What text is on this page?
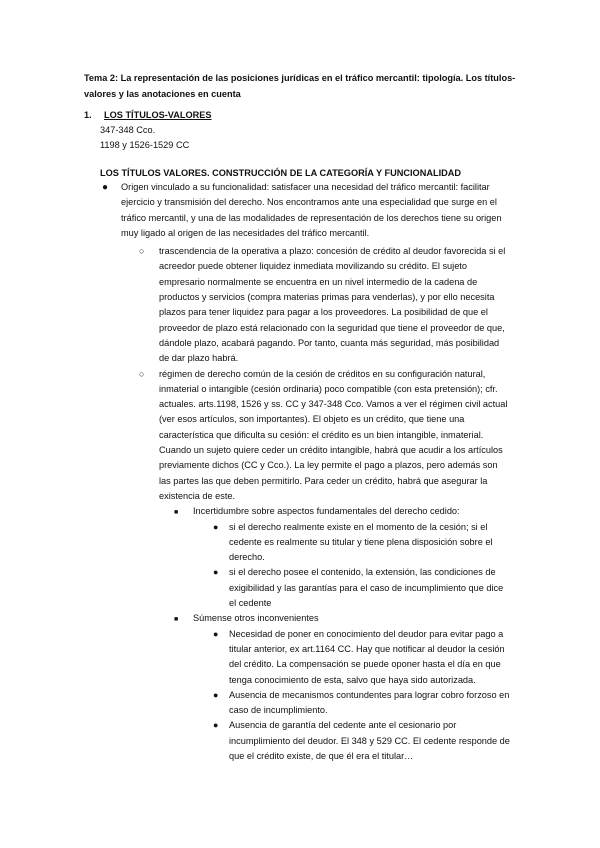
Tema 2: La representación de las posiciones jurídicas en el tráfico mercantil: tipología. Los títulos-valores y las anotaciones en cuenta
1. LOS TÍTULOS-VALORES
347-348 Cco.
1198 y 1526-1529 CC
LOS TÍTULOS VALORES. CONSTRUCCIÓN DE LA CATEGORÍA Y FUNCIONALIDAD
● Origen vinculado a su funcionalidad: satisfacer una necesidad del tráfico mercantil: facilitar ejercicio y transmisión del derecho. Nos encontramos ante una especialidad que surge en el tráfico mercantil, y una de las modalidades de representación de los derechos tiene su origen muy ligado al origen de las necesidades del tráfico mercantil.
○ trascendencia de la operativa a plazo: concesión de crédito al deudor favorecida si el acreedor puede obtener liquidez inmediata movilizando su crédito. El sujeto empresario normalmente se encuentra en un nivel intermedio de la cadena de productos y servicios (compra materias primas para venderlas), y por ello necesita plazos para tener liquidez para pagar a los proveedores. La posibilidad de que el proveedor de plazo está relacionado con la seguridad que tiene el proveedor de que, dándole plazo, acabará pagando. Por tanto, cuanta más seguridad, más posibilidad de dar plazo habrá.
○ régimen de derecho común de la cesión de créditos en su configuración natural, inmaterial o intangible (cesión ordinaria) poco compatible (con esta pretensión); cfr. actuales. arts.1198, 1526 y ss. CC y 347-348 Cco. Vamos a ver el régimen civil actual (ver esos artículos, son importantes). El objeto es un crédito, que tiene una característica que dificulta su cesión: el crédito es un bien intangible, inmaterial. Cuando un sujeto quiere ceder un crédito intangible, habrá que acudir a los artículos previamente dichos (CC y Cco.). La ley permite el pago a plazos, pero además son las partes las que deben permitirlo. Para ceder un crédito, habrá que asegurar la existencia de este.
■ Incertidumbre sobre aspectos fundamentales del derecho cedido:
● si el derecho realmente existe en el momento de la cesión; si el cedente es realmente su titular y tiene plena disposición sobre el derecho.
● si el derecho posee el contenido, la extensión, las condiciones de exigibilidad y las garantías para el caso de incumplimiento que dice el cedente
■ Súmense otros inconvenientes
● Necesidad de poner en conocimiento del deudor para evitar pago a titular anterior, ex art.1164 CC. Hay que notificar al deudor la cesión del crédito. La compensación se puede oponer hasta el día en que tenga conocimiento de esta, salvo que haya sido autorizada.
● Ausencia de mecanismos contundentes para lograr cobro forzoso en caso de incumplimiento.
● Ausencia de garantía del cedente ante el cesionario por incumplimiento del deudor. El 348 y 529 CC. El cedente responde de que el crédito existe, de que él era el titular…
